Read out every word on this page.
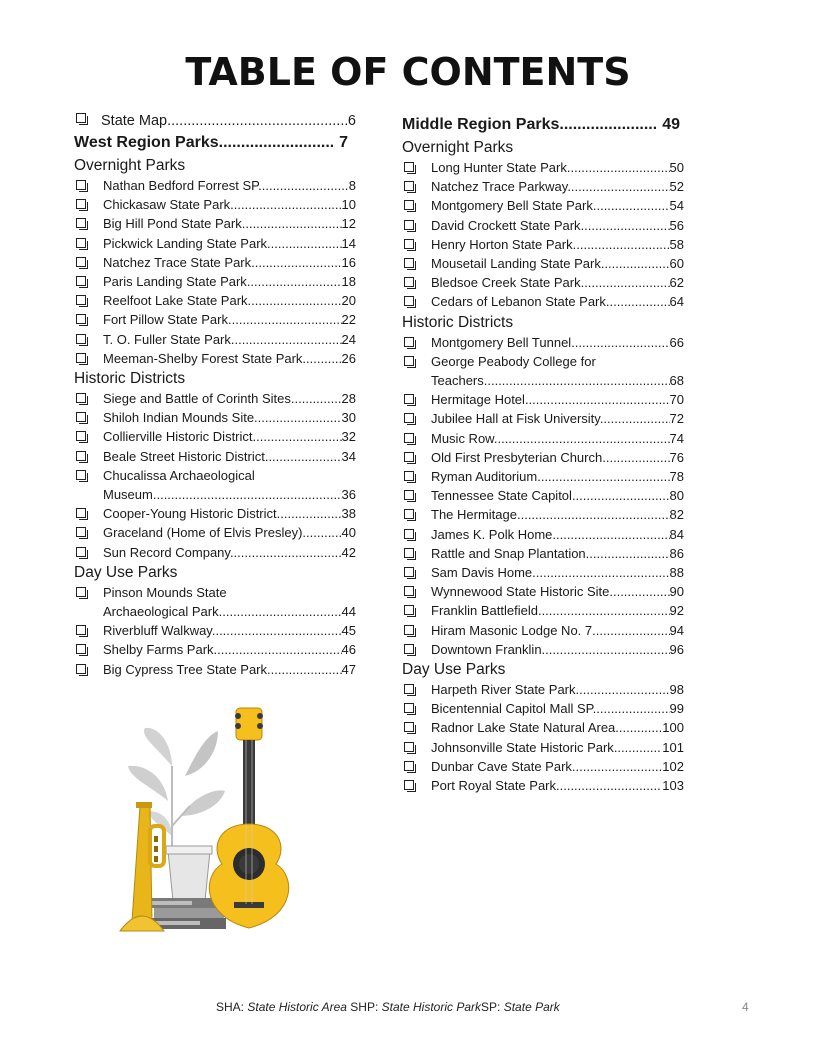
TABLE OF CONTENTS
State Map .....	6
West Region Parks .....	7
Overnight Parks
Nathan Bedford Forrest SP .....	8
Chickasaw State Park .....	10
Big Hill Pond State Park .....	12
Pickwick Landing State Park .....	14
Natchez Trace State Park .....	16
Paris Landing State Park .....	18
Reelfoot Lake State Park .....	20
Fort Pillow State Park .....	22
T. O. Fuller State Park .....	24
Meeman-Shelby Forest State Park .....	26
Historic Districts
Siege and Battle of Corinth Sites .....	28
Shiloh Indian Mounds Site .....	30
Collierville Historic District .....	32
Beale Street Historic District .....	34
Chucalissa Archaeological
Museum .....	36
Cooper-Young Historic District .....	38
Graceland (Home of Elvis Presley) .....	40
Sun Record Company .....	42
Day Use Parks
Pinson Mounds State
Archaeological Park .....	44
Riverbluff Walkway .....	45
Shelby Farms Park .....	46
Big Cypress Tree State Park .....	47
Middle Region Parks .....	49
Overnight Parks
Long Hunter State Park .....	50
Natchez Trace Parkway .....	52
Montgomery Bell State Park .....	54
David Crockett State Park .....	56
Henry Horton State Park .....	58
Mousetail Landing State Park .....	60
Bledsoe Creek State Park .....	62
Cedars of Lebanon State Park .....	64
Historic Districts
Montgomery Bell Tunnel .....	66
George Peabody College for
Teachers .....	68
Hermitage Hotel .....	70
Jubilee Hall at Fisk University .....	72
Music Row .....	74
Old First Presbyterian Church .....	76
Ryman Auditorium .....	78
Tennessee State Capitol .....	80
The Hermitage .....	82
James K. Polk Home .....	84
Rattle and Snap Plantation .....	86
Sam Davis Home .....	88
Wynnewood State Historic Site .....	90
Franklin Battlefield .....	92
Hiram Masonic Lodge No. 7 .....	94
Downtown Franklin .....	96
Day Use Parks
Harpeth River State Park .....	98
Bicentennial Capitol Mall SP .....	99
Radnor Lake State Natural Area .....	100
Johnsonville State Historic Park .....	101
Dunbar Cave State Park .....	102
Port Royal State Park .....	103
SHA: State Historic Area SHP: State Historic ParkSP: State Park	4
